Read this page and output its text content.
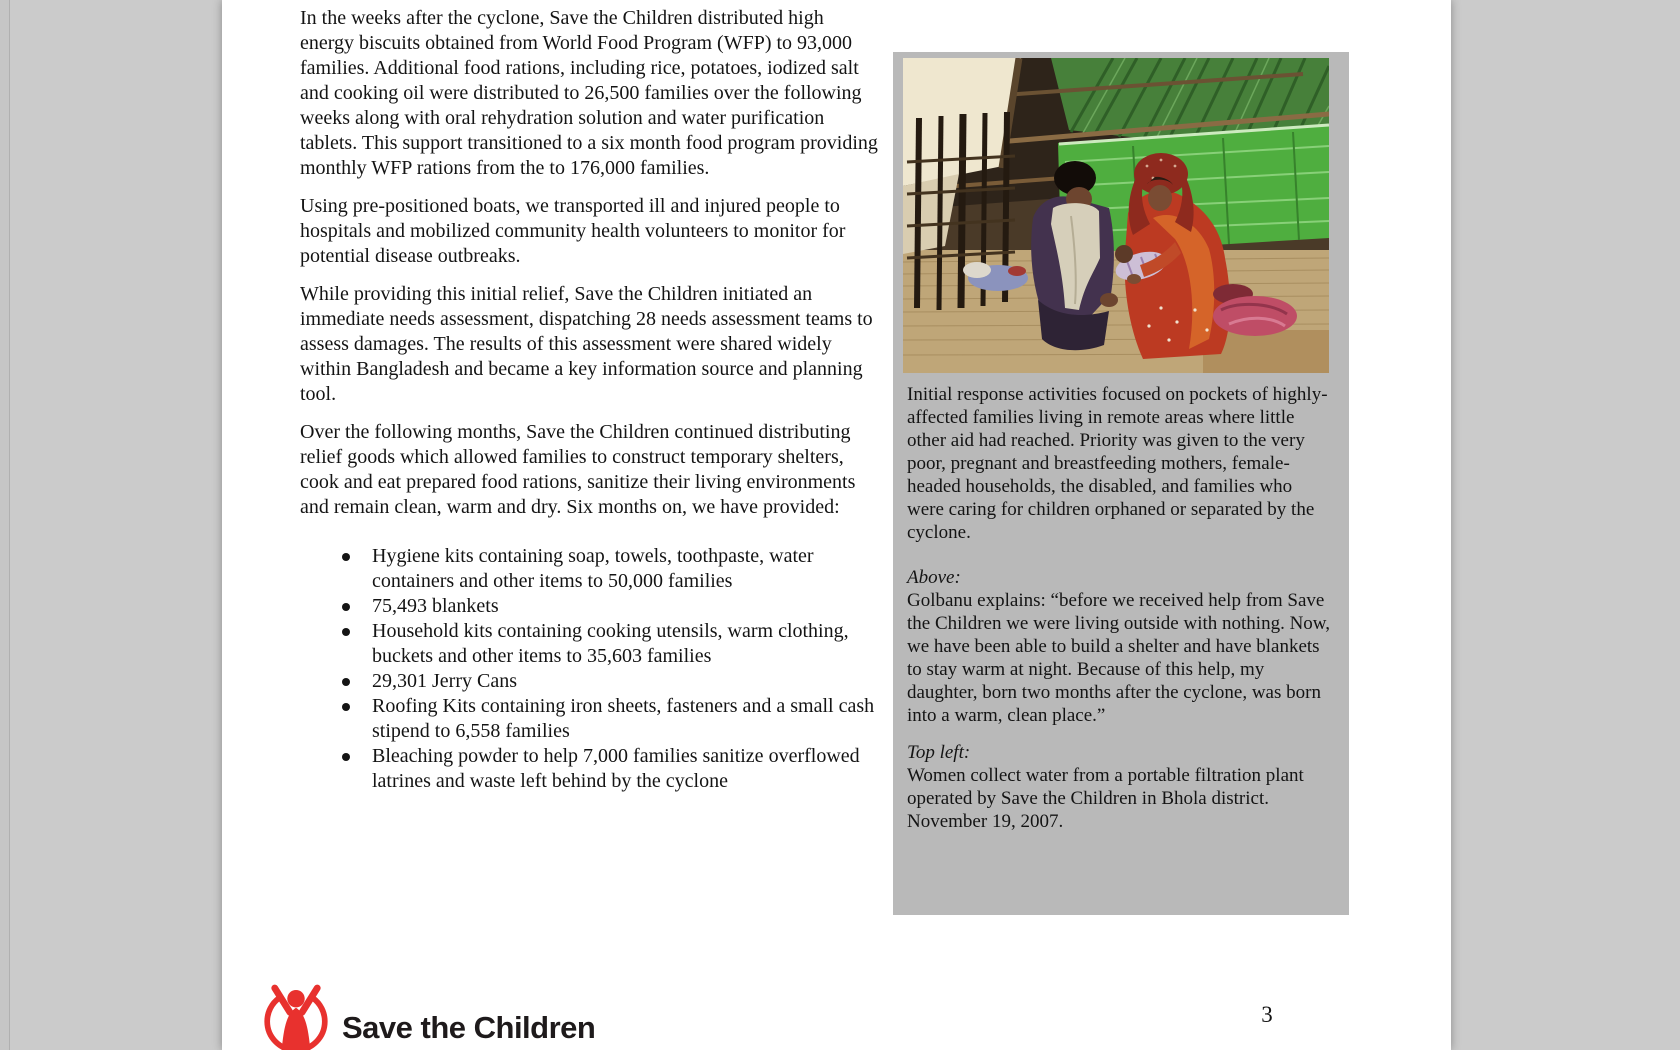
In the weeks after the cyclone, Save the Children distributed high energy biscuits obtained from World Food Program (WFP) to 93,000 families. Additional food rations, including rice, potatoes, iodized salt and cooking oil were distributed to 26,500 families over the following weeks along with oral rehydration solution and water purification tablets. This support transitioned to a six month food program providing monthly WFP rations from the to 176,000 families.

Using pre-positioned boats, we transported ill and injured people to hospitals and mobilized community health volunteers to monitor for potential disease outbreaks.

While providing this initial relief, Save the Children initiated an immediate needs assessment, dispatching 28 needs assessment teams to assess damages. The results of this assessment were shared widely within Bangladesh and became a key information source and planning tool.

Over the following months, Save the Children continued distributing relief goods which allowed families to construct temporary shelters, cook and eat prepared food rations, sanitize their living environments and remain clean, warm and dry. Six months on, we have provided:

Hygiene kits containing soap, towels, toothpaste, water containers and other items to 50,000 families
75,493 blankets
Household kits containing cooking utensils, warm clothing, buckets and other items to 35,603 families
29,301 Jerry Cans
Roofing Kits containing iron sheets, fasteners and a small cash stipend to 6,558 families
Bleaching powder to help 7,000 families sanitize overflowed latrines and waste left behind by the cyclone

Initial response activities focused on pockets of highly-affected families living in remote areas where little other aid had reached. Priority was given to the very poor, pregnant and breastfeeding mothers, female-headed households, the disabled, and families who were caring for children orphaned or separated by the cyclone.

Above:

Golbanu explains: “before we received help from Save the Children we were living outside with nothing. Now, we have been able to build a shelter and have blankets to stay warm at night. Because of this help, my daughter, born two months after the cyclone, was born into a warm, clean place.”

Top left:

Women collect water from a portable filtration plant operated by Save the Children in Bhola district. November 19, 2007.

Save the Children	3
